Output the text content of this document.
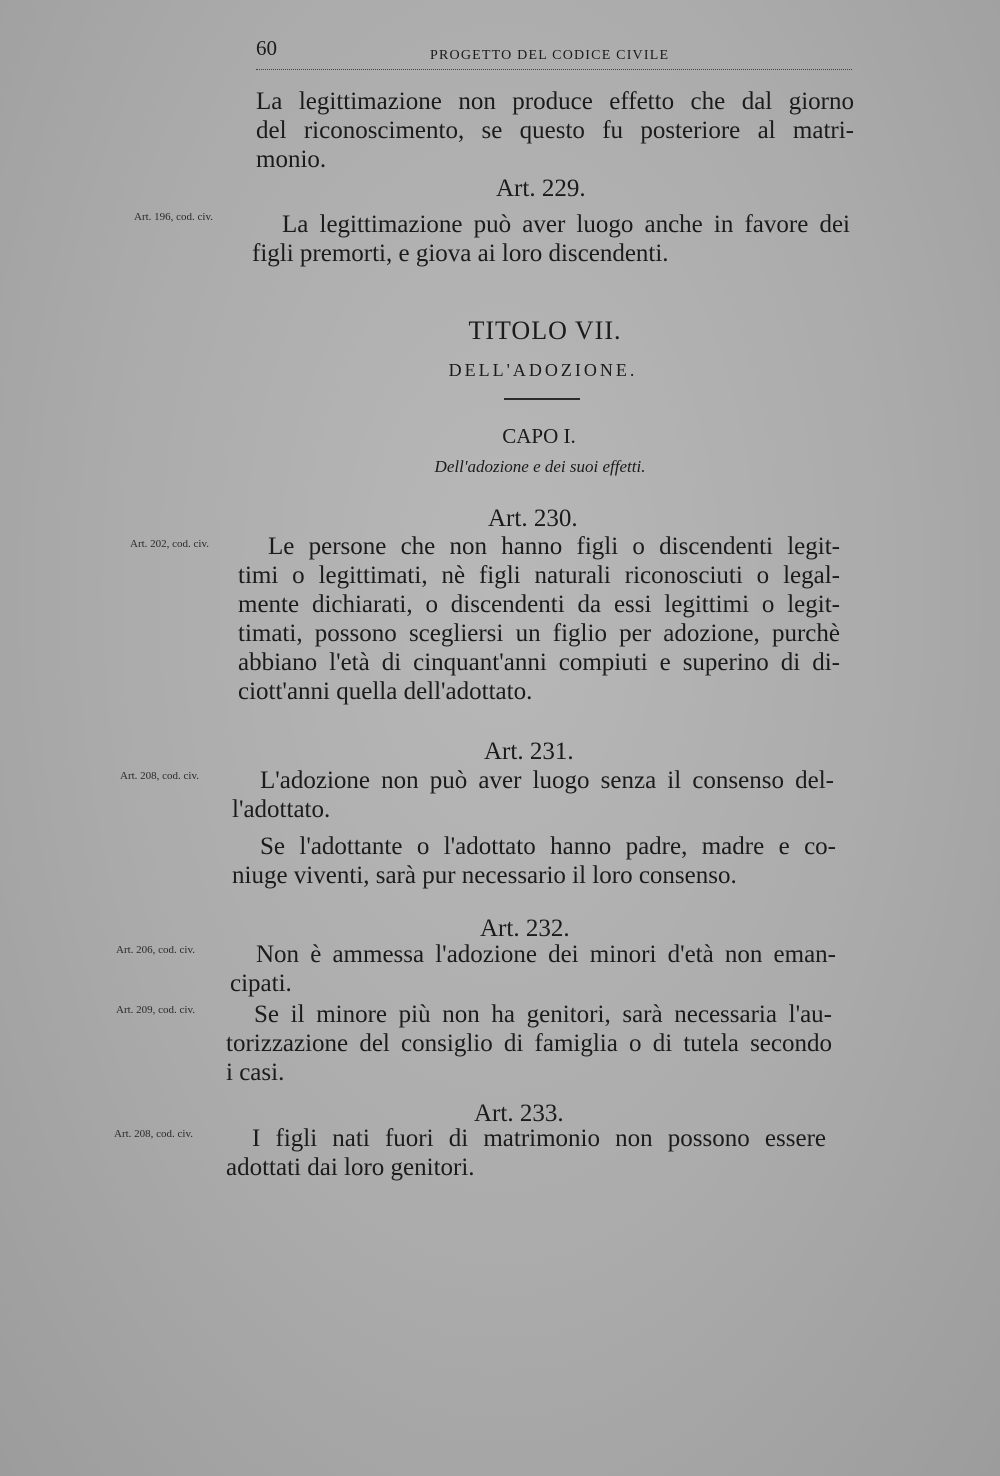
60	PROGETTO DEL CODICE CIVILE

La legittimazione non produce effetto che dal giorno
del riconoscimento, se questo fu posteriore al matri-
monio.

Art. 229.
Art. 196, cod. civ.	La legittimazione può aver luogo anche in favore dei
figli premorti, e giova ai loro discendenti.

TITOLO VII.
DELL'ADOZIONE.
CAPO I.
Dell'adozione e dei suoi effetti.
Art. 230.
Art. 202, cod. civ.	Le persone che non hanno figli o discendenti legit-
timi o legittimati, nè figli naturali riconosciuti o legal-
mente dichiarati, o discendenti da essi legittimi o legit-
timati, possono scegliersi un figlio per adozione, purchè
abbiano l'età di cinquant'anni compiuti e superino di di-
ciott'anni quella dell'adottato.

Art. 231.
Art. 208, cod. civ.	L'adozione non può aver luogo senza il consenso del-
l'adottato.

Se l'adottante o l'adottato hanno padre, madre e co-
niuge viventi, sarà pur necessario il loro consenso.

Art. 232.
Art. 206, cod. civ.	Non è ammessa l'adozione dei minori d'età non eman-
cipati.

Art. 209, cod. civ.	Se il minore più non ha genitori, sarà necessaria l'au-
torizzazione del consiglio di famiglia o di tutela secondo
i casi.

Art. 233.
Art. 208, cod. civ.	I figli nati fuori di matrimonio non possono essere
adottati dai loro genitori.
